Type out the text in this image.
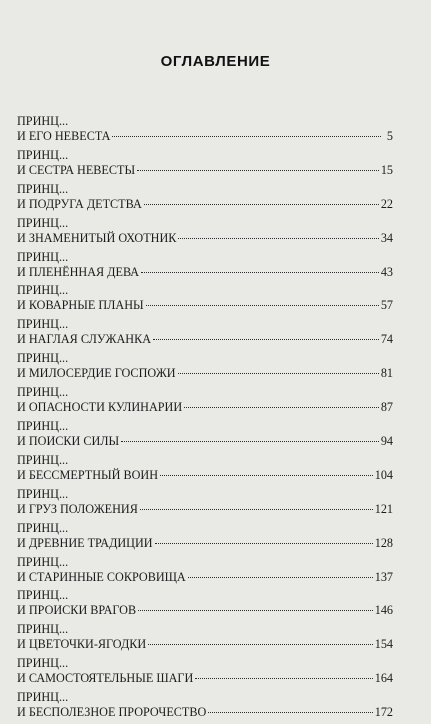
ОГЛАВЛЕНИЕ
ПРИНЦ...
И ЕГО НЕВЕСТА	5
ПРИНЦ...
И СЕСТРА НЕВЕСТЫ	15
ПРИНЦ...
И ПОДРУГА ДЕТСТВА	22
ПРИНЦ...
И ЗНАМЕНИТЫЙ ОХОТНИК	34
ПРИНЦ...
И ПЛЕНЁННАЯ ДЕВА	43
ПРИНЦ...
И КОВАРНЫЕ ПЛАНЫ	57
ПРИНЦ...
И НАГЛАЯ СЛУЖАНКА	74
ПРИНЦ...
И МИЛОСЕРДИЕ ГОСПОЖИ	81
ПРИНЦ...
И ОПАСНОСТИ КУЛИНАРИИ	87
ПРИНЦ...
И ПОИСКИ СИЛЫ	94
ПРИНЦ...
И БЕССМЕРТНЫЙ ВОИН	104
ПРИНЦ...
И ГРУЗ ПОЛОЖЕНИЯ	121
ПРИНЦ...
И ДРЕВНИЕ ТРАДИЦИИ	128
ПРИНЦ...
И СТАРИННЫЕ СОКРОВИЩА	137
ПРИНЦ...
И ПРОИСКИ ВРАГОВ	146
ПРИНЦ...
И ЦВЕТОЧКИ-ЯГОДКИ	154
ПРИНЦ...
И САМОСТОЯТЕЛЬНЫЕ ШАГИ	164
ПРИНЦ...
И БЕСПОЛЕЗНОЕ ПРОРОЧЕСТВО	172
